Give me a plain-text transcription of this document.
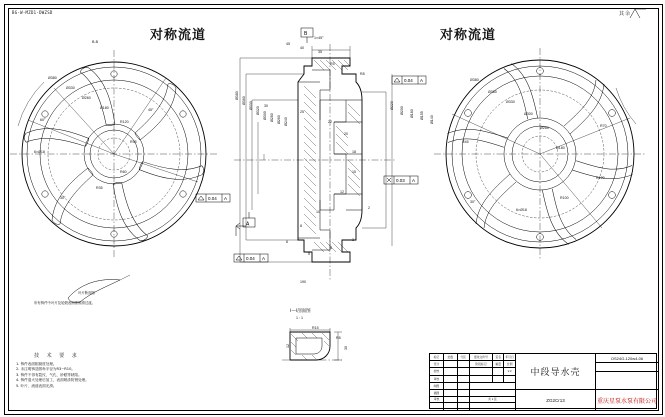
BG-W-MZD1-DWZSD	其余
对称流道
B-B
Ø380
Ø330
Ø260
Ø180
R120
R95
R60
R35
6×Ø18
30°
45°
60°
叶片断面图
所有铸件中叶片及轮毂表面需圆滑过渡。
技 术 要 求
1. 铸件表面粗糙度处理。
2. 未注明铸造圆角半径为R3~R10。
3. 铸件不得有裂纹、气孔、砂眼等缺陷。
4. 铸件退火处理后加工，表面喷漆防锈处理。
5. 叶片、流道表面光滑。
Ø380
Ø360
Ø330
Ø320
Ø300 Ø280 Ø260 Ø240
Ø220
Ø200 Ø180 Ø155 Ø140
45
40
35
30
25
22
20
18
15
12
10
8
6
5
4
3
2
190
R5
R8
1×45°
0.04 A
0.04 A
0.04 A
0.03 A
A
B
I—I剖面图
1 : 1
R15
R8
12	30
对称流道
Ø380
Ø360
Ø330
Ø300
Ø260
Ø180
R120
R100
R70
R45
6×Ø18
30°
标记	处数	分区	更改文件号	签名	年月日
设计	阶段标记	重量	比例
校核	1:2
审核
制图
中段导水壳
OS24G-120w4-06
描图
审核	共 1 张	ZG2Cr13	重庆星泵水泵有限公司
